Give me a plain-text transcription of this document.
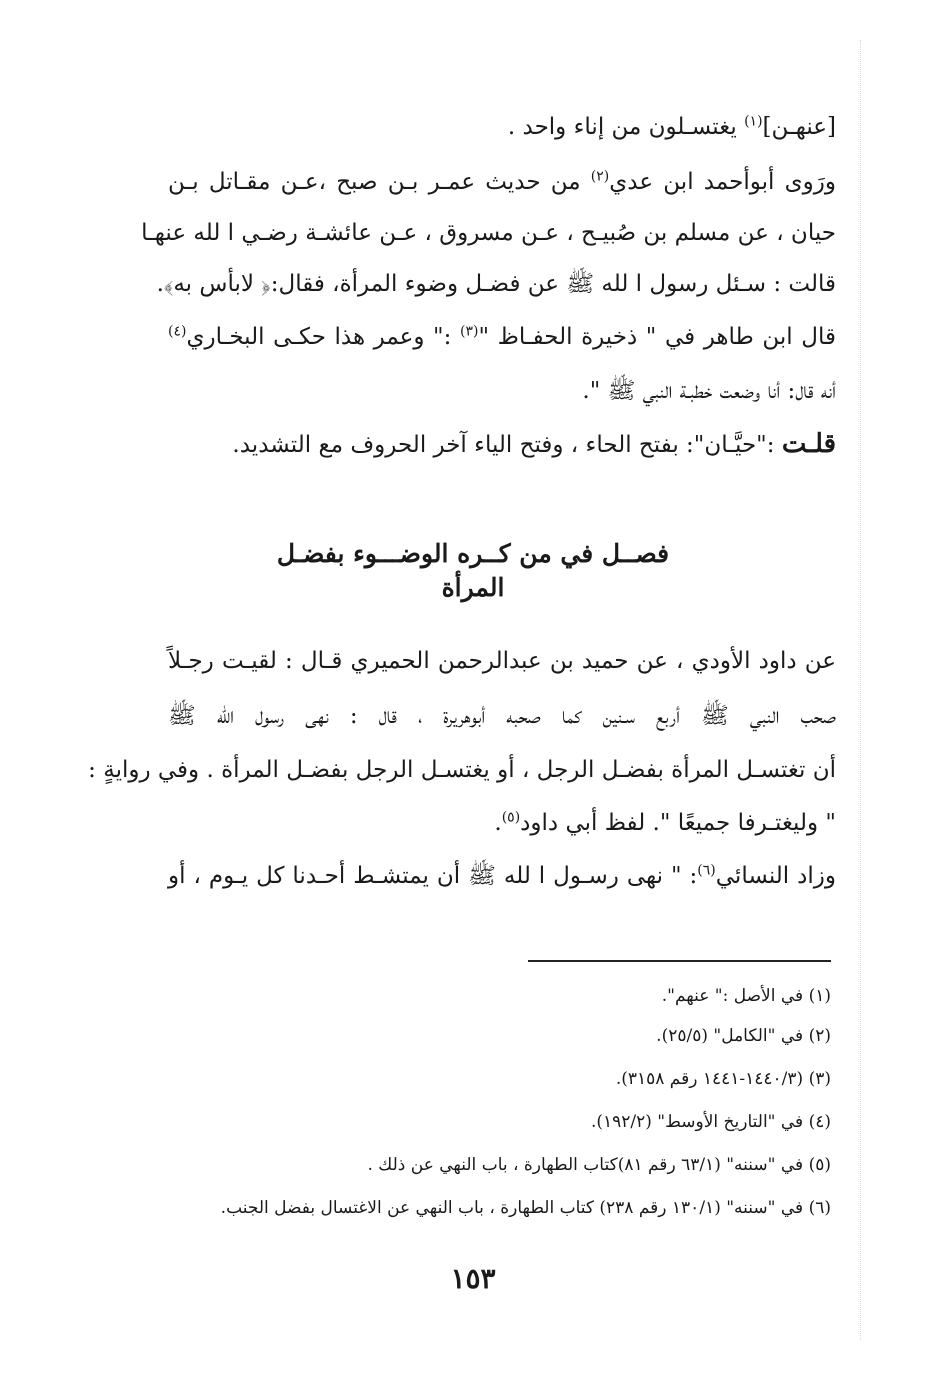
[عنهـن]$^{(١)}$ يغتسـلون من إناء واحد .
ورَوى أبوأحمد ابن عدي$^{(٢)}$ من حديث عمـر بـن صبح ،عـن مقـاتل بـن
حيان ، عن مسلم بن صُبيـح ، عـن مسروق ، عـن عائشـة رضـي ا لله عنهـا
قالت : سـئل رسول ا لله ﷺ عن فضـل وضوء المرأة، فقال:﴿ لابأس به﴾.
قال ابن طاهر في " ذخيرة الحفـاظ "$^{(٣)}$ :" وعمر هذا حكـى البخـاري$^{(٤)}$
أنه قال: أنا وضعت خطبـة النبي ﷺ ".
قلـت :"حيَّـان": بفتح الحاء ، وفتح الياء آخر الحروف مع التشديد.
فصــل في من كــره الوضـــوء بفضـل المرأة
عن داود الأودي ، عن حميد بن عبدالرحمن الحميري قـال : لقيـت رجـلاً
صحب النبي ﷺ أربع سـنين كما صحبه أبوهريرة ، قال : نهى رسول الله ﷺ
أن تغتسـل المرأة بفضـل الرجل ، أو يغتسـل الرجل بفضـل المرأة . وفي روايةٍ :
" وليغتـرفا جميعًا ". لفظ أبي داود$^{(٥)}$.
وزاد النسائي$^{(٦)}$: " نهى رسـول ا لله ﷺ أن يمتشـط أحـدنا كل يـوم ، أو
(١) في الأصل :" عنهم".
(٢) في "الكامل" (٢٥/٥).
(٣) (١٤٤٠/٣-١٤٤١ رقم ٣١٥٨).
(٤) في "التاريخ الأوسط" (١٩٢/٢).
(٥) في "سننه" (٦٣/١ رقم ٨١)كتاب الطهارة ، باب النهي عن ذلك .
(٦) في "سننه" (١٣٠/١ رقم ٢٣٨) كتاب الطهارة ، باب النهي عن الاغتسال بفضل الجنب.
١٥٣
